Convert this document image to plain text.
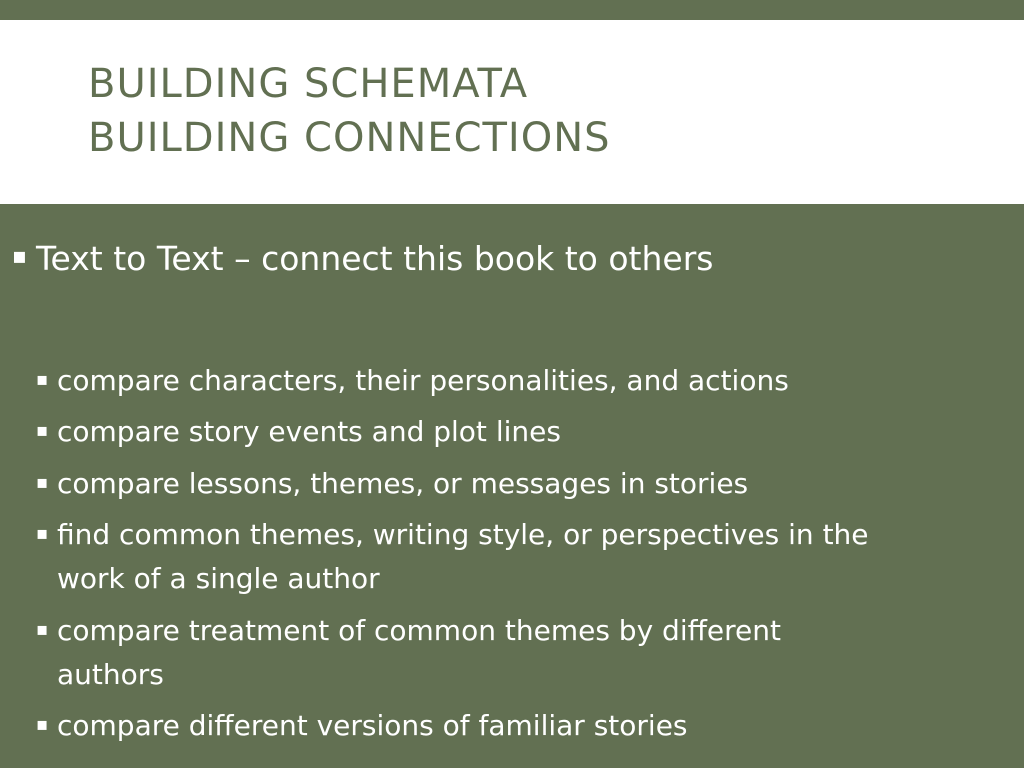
BUILDING SCHEMATA
BUILDING CONNECTIONS
▪ Text to Text – connect this book to others
▪ compare characters, their personalities, and actions
▪ compare story events and plot lines
▪ compare lessons, themes, or messages in stories
▪ find common themes, writing style, or perspectives in the
work of a single author
▪ compare treatment of common themes by different
authors
▪ compare different versions of familiar stories
